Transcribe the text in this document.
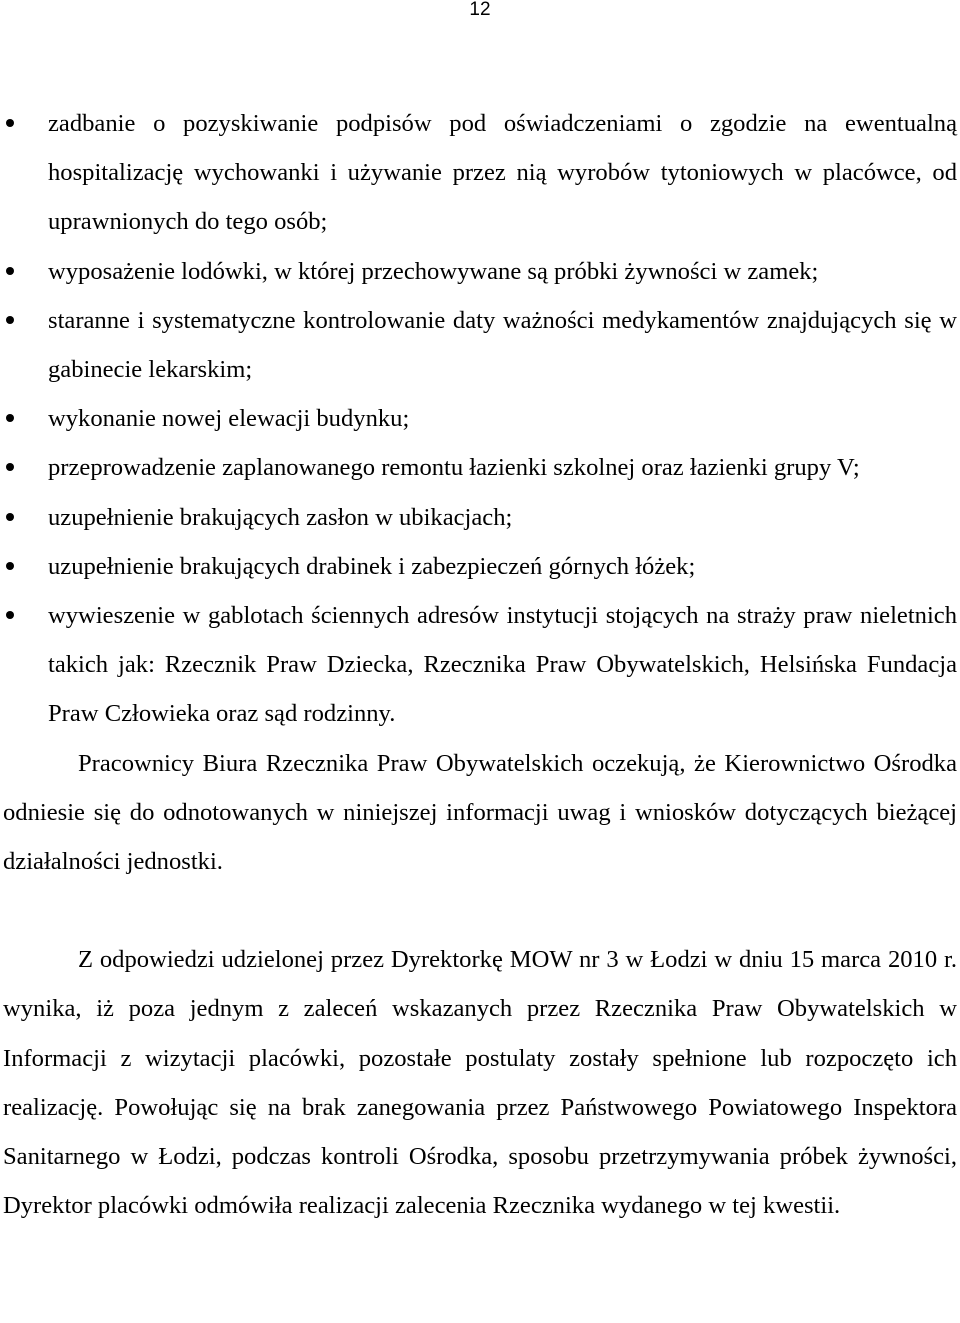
12
zadbanie o pozyskiwanie podpisów pod oświadczeniami o zgodzie na ewentualną hospitalizację wychowanki i używanie przez nią wyrobów tytoniowych w placówce, od uprawnionych do tego osób;
wyposażenie lodówki, w której przechowywane są próbki żywności w zamek;
staranne i systematyczne kontrolowanie daty ważności medykamentów znajdujących się w gabinecie lekarskim;
wykonanie nowej elewacji budynku;
przeprowadzenie zaplanowanego remontu łazienki szkolnej oraz łazienki grupy V;
uzupełnienie brakujących zasłon w ubikacjach;
uzupełnienie brakujących drabinek i zabezpieczeń górnych łóżek;
wywieszenie w gablotach ściennych adresów instytucji stojących na straży praw nieletnich takich jak: Rzecznik Praw Dziecka, Rzecznika Praw Obywatelskich, Helsińska Fundacja Praw Człowieka oraz sąd rodzinny.

Pracownicy Biura Rzecznika Praw Obywatelskich oczekują, że Kierownictwo Ośrodka odniesie się do odnotowanych w niniejszej informacji uwag i wniosków dotyczących bieżącej działalności jednostki.

Z odpowiedzi udzielonej przez Dyrektorkę MOW nr 3 w Łodzi w dniu 15 marca 2010 r. wynika, iż poza jednym z zaleceń wskazanych przez Rzecznika Praw Obywatelskich w Informacji z wizytacji placówki, pozostałe postulaty zostały spełnione lub rozpoczęto ich realizację. Powołując się na brak zanegowania przez Państwowego Powiatowego Inspektora Sanitarnego w Łodzi, podczas kontroli Ośrodka, sposobu przetrzymywania próbek żywności, Dyrektor placówki odmówiła realizacji zalecenia Rzecznika wydanego w tej kwestii.
